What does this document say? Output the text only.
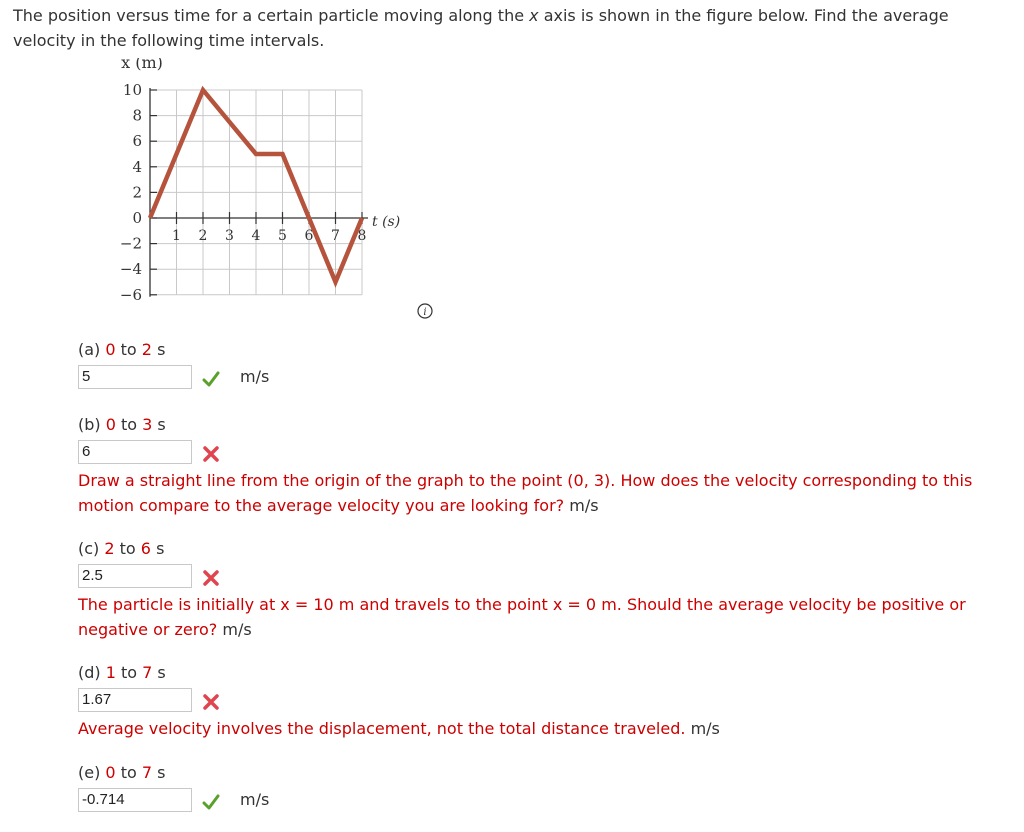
The position versus time for a certain particle moving along the x axis is shown in the figure below. Find the average velocity in the following time intervals.
10
8
6
4
2
0
−2
−4
−6
1 2 3 4 5 6 7 8
x (m)
t (s)
i
(a) 0 to 2 s
5	m/s
(b) 0 to 3 s
6
Draw a straight line from the origin of the graph to the point (0, 3). How does the velocity corresponding to this motion compare to the average velocity you are looking for? m/s
(c) 2 to 6 s
2.5
The particle is initially at x = 10 m and travels to the point x = 0 m. Should the average velocity be positive or negative or zero? m/s
(d) 1 to 7 s
1.67
Average velocity involves the displacement, not the total distance traveled. m/s
(e) 0 to 7 s
-0.714	m/s
